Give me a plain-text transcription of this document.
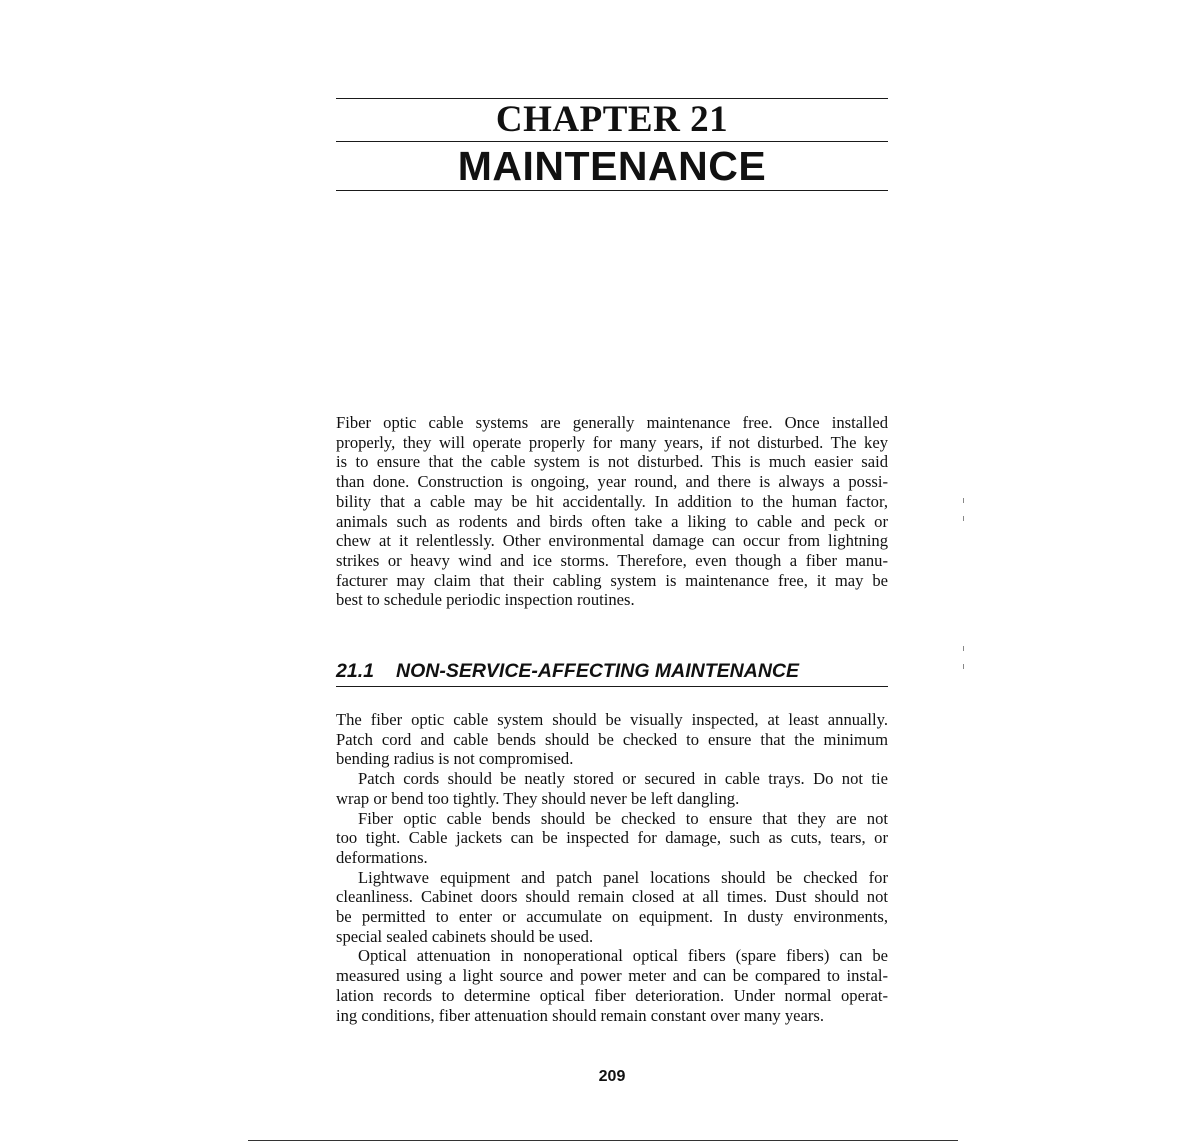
CHAPTER 21
MAINTENANCE
Fiber optic cable systems are generally maintenance free. Once installed
properly, they will operate properly for many years, if not disturbed. The key
is to ensure that the cable system is not disturbed. This is much easier said
than done. Construction is ongoing, year round, and there is always a possi-
bility that a cable may be hit accidentally. In addition to the human factor,
animals such as rodents and birds often take a liking to cable and peck or
chew at it relentlessly. Other environmental damage can occur from lightning
strikes or heavy wind and ice storms. Therefore, even though a fiber manu-
facturer may claim that their cabling system is maintenance free, it may be
best to schedule periodic inspection routines.
21.1 NON-SERVICE-AFFECTING MAINTENANCE
The fiber optic cable system should be visually inspected, at least annually.
Patch cord and cable bends should be checked to ensure that the minimum
bending radius is not compromised.
Patch cords should be neatly stored or secured in cable trays. Do not tie
wrap or bend too tightly. They should never be left dangling.
Fiber optic cable bends should be checked to ensure that they are not
too tight. Cable jackets can be inspected for damage, such as cuts, tears, or
deformations.
Lightwave equipment and patch panel locations should be checked for
cleanliness. Cabinet doors should remain closed at all times. Dust should not
be permitted to enter or accumulate on equipment. In dusty environments,
special sealed cabinets should be used.
Optical attenuation in nonoperational optical fibers (spare fibers) can be
measured using a light source and power meter and can be compared to instal-
lation records to determine optical fiber deterioration. Under normal operat-
ing conditions, fiber attenuation should remain constant over many years.
209
